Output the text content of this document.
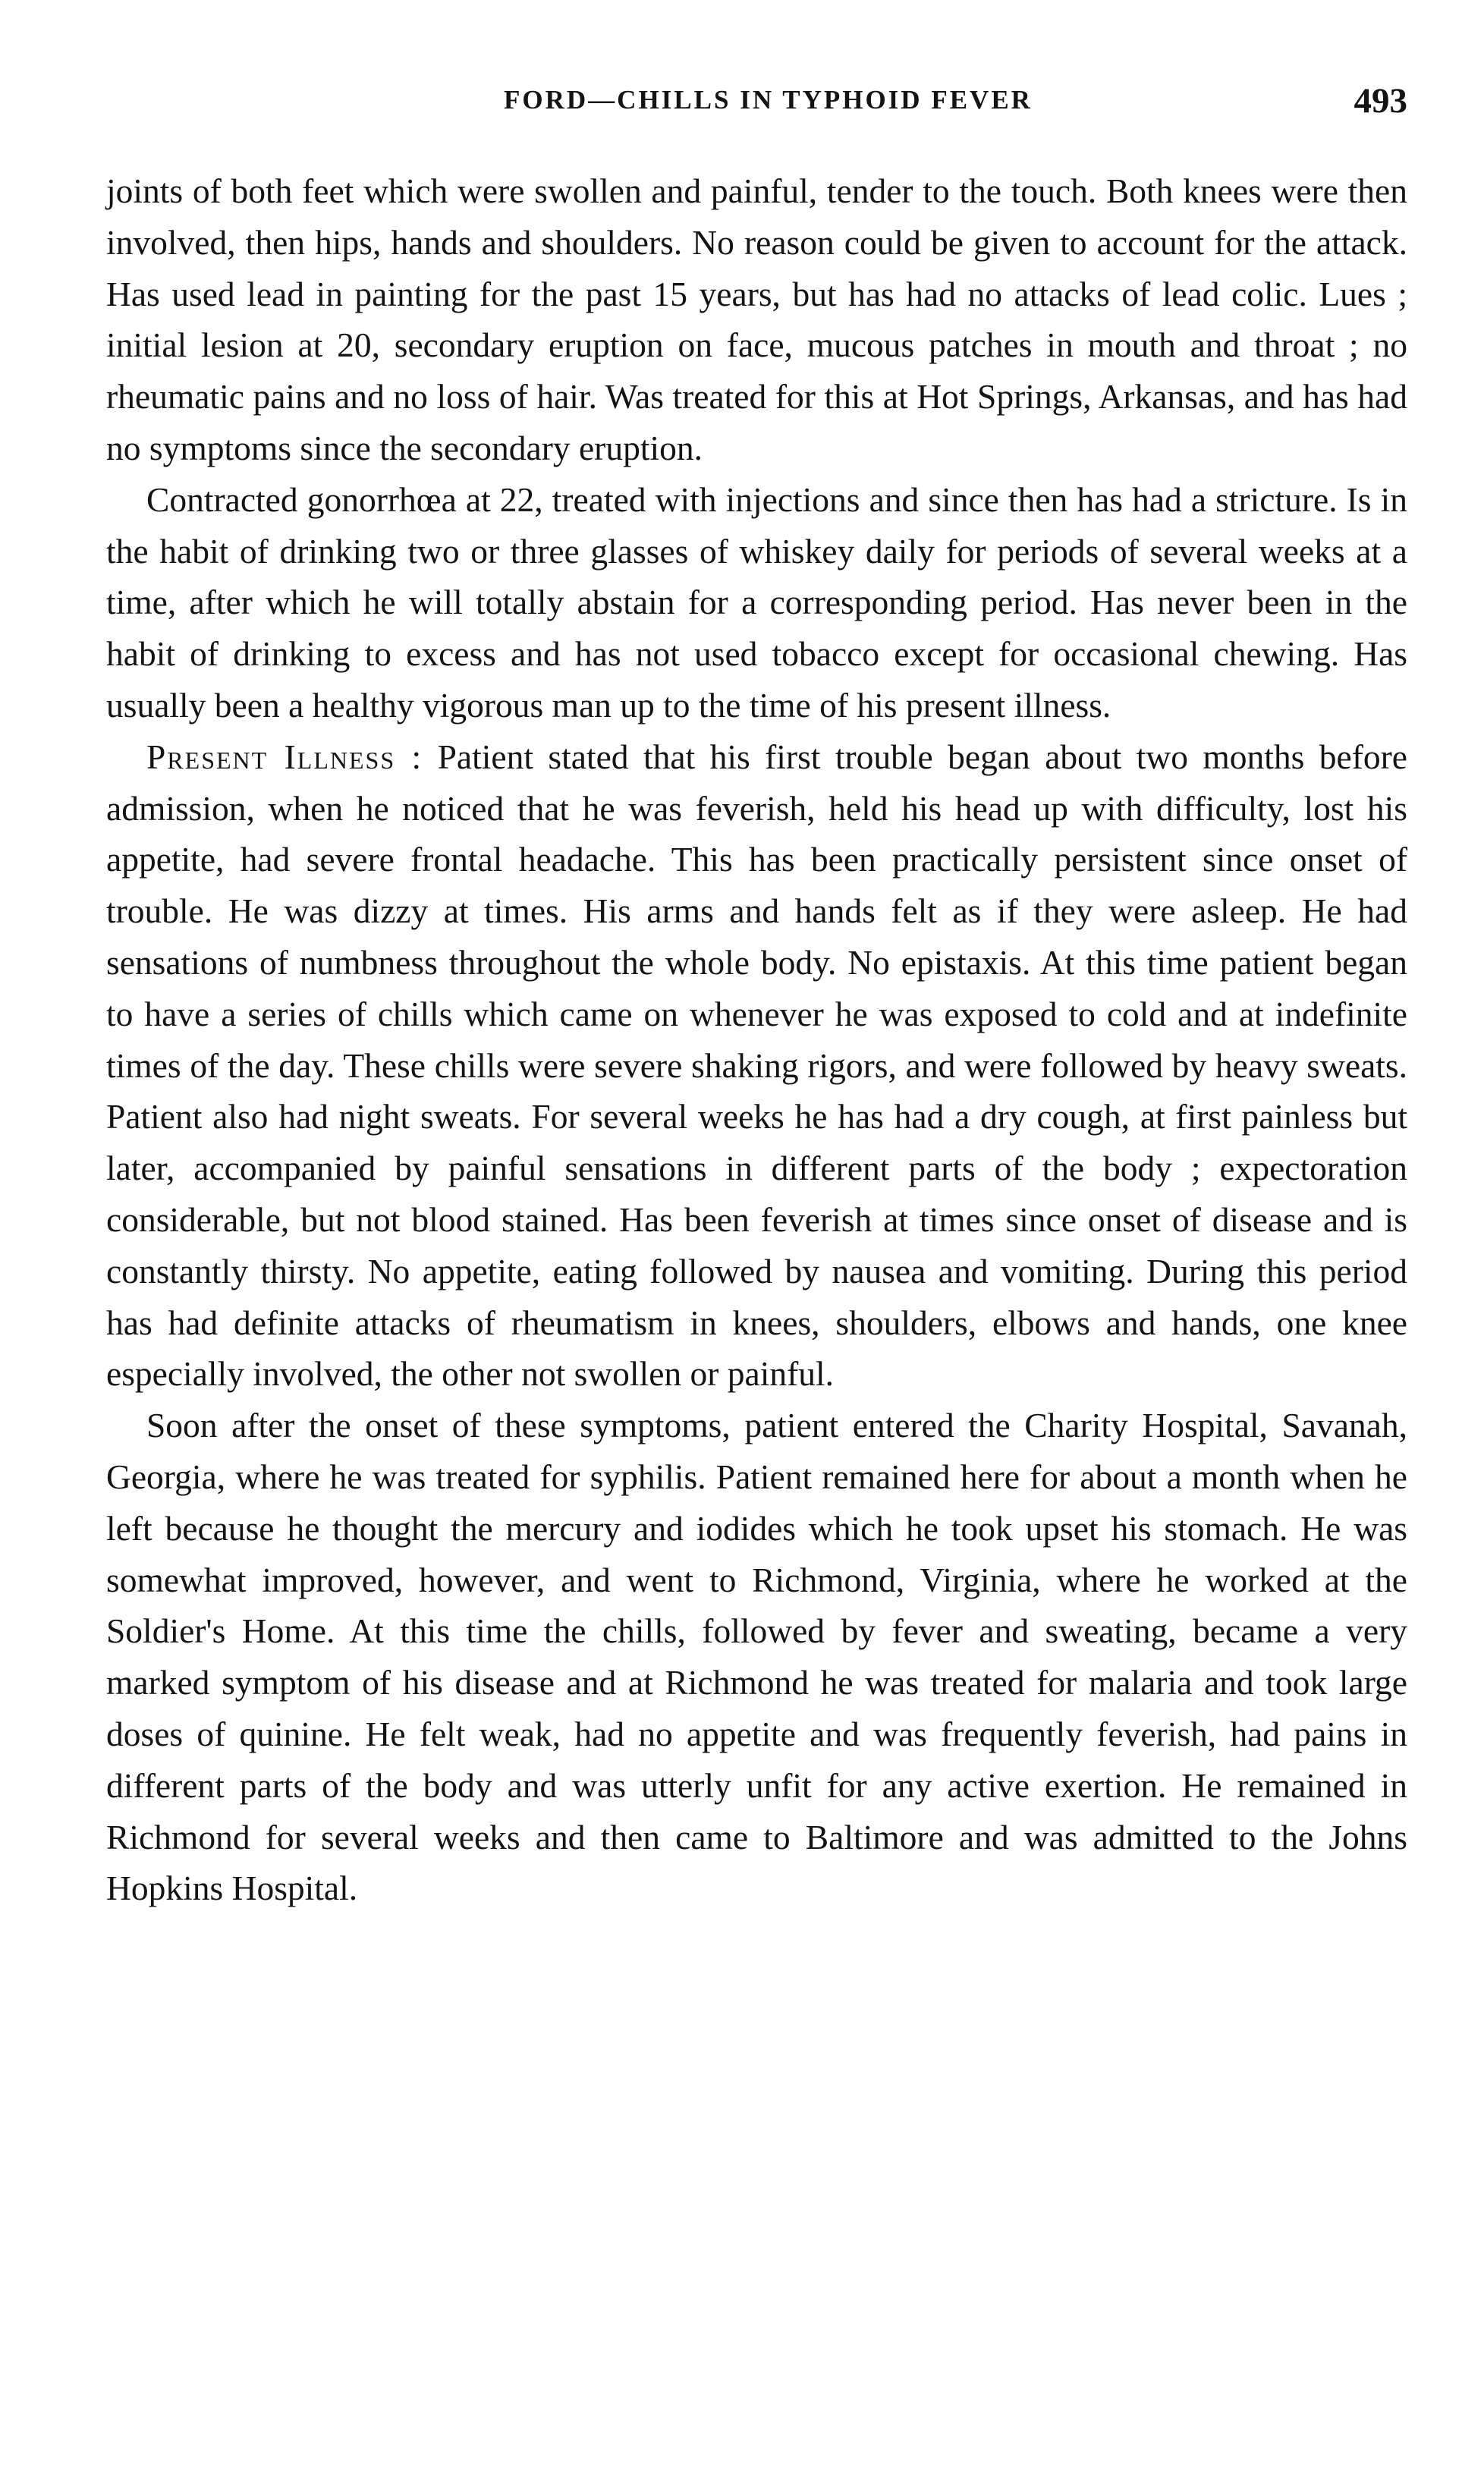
FORD—CHILLS IN TYPHOID FEVER	493

joints of both feet which were swollen and painful, tender to the touch. Both knees were then involved, then hips, hands and shoulders. No reason could be given to account for the attack. Has used lead in painting for the past 15 years, but has had no attacks of lead colic. Lues ; initial lesion at 20, secondary eruption on face, mucous patches in mouth and throat ; no rheumatic pains and no loss of hair. Was treated for this at Hot Springs, Arkansas, and has had no symptoms since the secondary eruption.

Contracted gonorrhœa at 22, treated with injections and since then has had a stricture. Is in the habit of drinking two or three glasses of whiskey daily for periods of several weeks at a time, after which he will totally abstain for a corresponding period. Has never been in the habit of drinking to excess and has not used tobacco except for occasional chewing. Has usually been a healthy vigorous man up to the time of his present illness.

Present Illness : Patient stated that his first trouble began about two months before admission, when he noticed that he was feverish, held his head up with difficulty, lost his appetite, had severe frontal headache. This has been practically persistent since onset of trouble. He was dizzy at times. His arms and hands felt as if they were asleep. He had sensations of numbness throughout the whole body. No epistaxis. At this time patient began to have a series of chills which came on whenever he was exposed to cold and at indefinite times of the day. These chills were severe shaking rigors, and were followed by heavy sweats. Patient also had night sweats. For several weeks he has had a dry cough, at first painless but later, accompanied by painful sensations in different parts of the body ; expectoration considerable, but not blood stained. Has been feverish at times since onset of disease and is constantly thirsty. No appetite, eating followed by nausea and vomiting. During this period has had definite attacks of rheumatism in knees, shoulders, elbows and hands, one knee especially involved, the other not swollen or painful.

Soon after the onset of these symptoms, patient entered the Charity Hospital, Savanah, Georgia, where he was treated for syphilis. Patient remained here for about a month when he left because he thought the mercury and iodides which he took upset his stomach. He was somewhat improved, however, and went to Richmond, Virginia, where he worked at the Soldier's Home. At this time the chills, followed by fever and sweating, became a very marked symptom of his disease and at Richmond he was treated for malaria and took large doses of quinine. He felt weak, had no appetite and was frequently feverish, had pains in different parts of the body and was utterly unfit for any active exertion. He remained in Richmond for several weeks and then came to Baltimore and was admitted to the Johns Hopkins Hospital.
